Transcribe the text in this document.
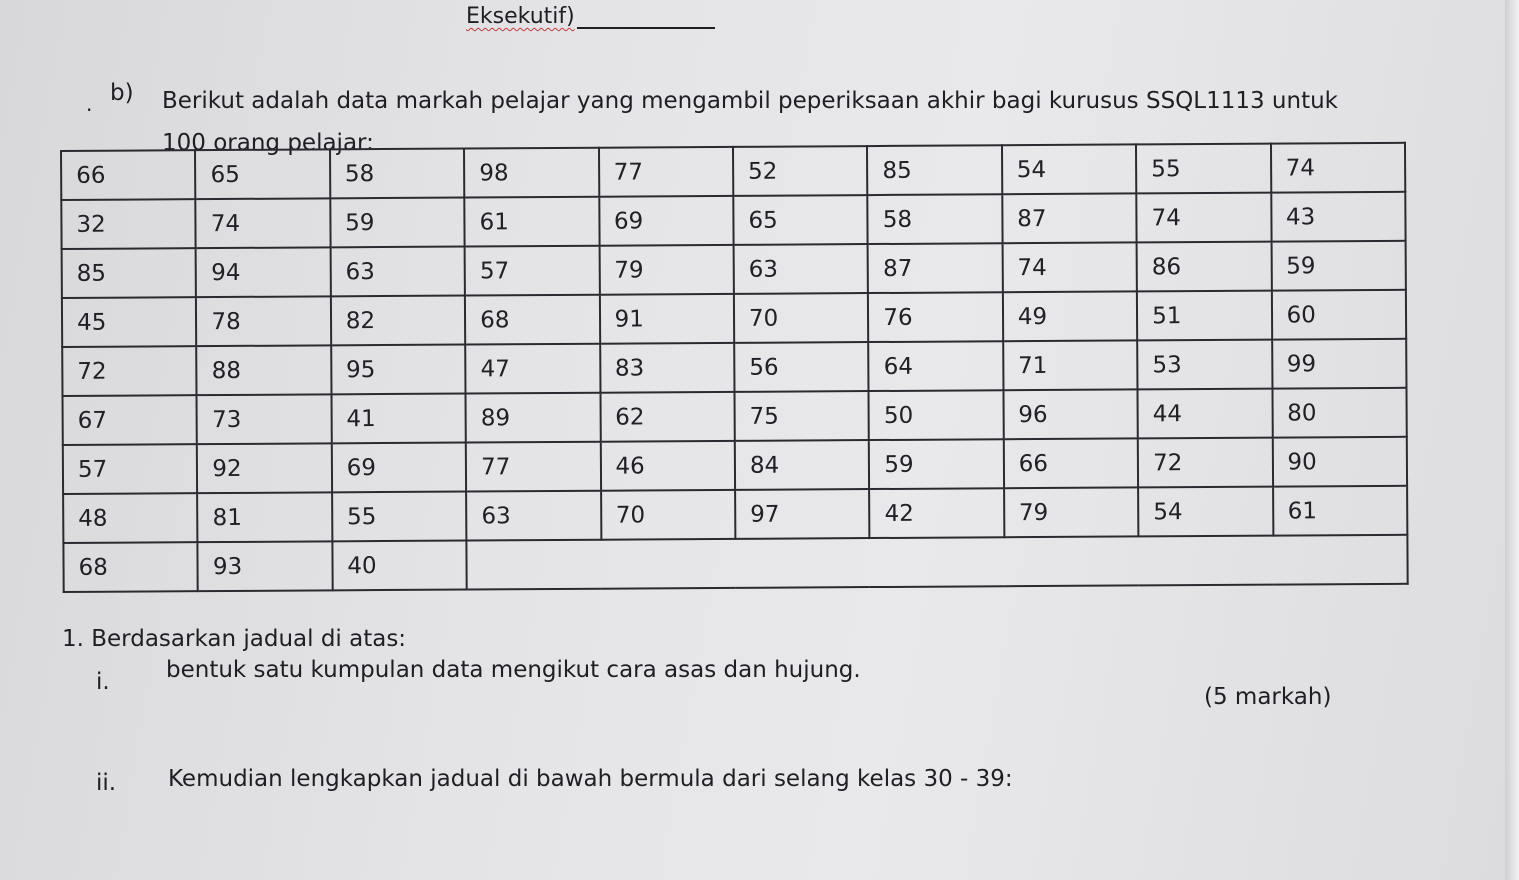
Eksekutif)
. b) Berikut adalah data markah pelajar yang mengambil peperiksaan akhir bagi kurusus SSQL1113 untuk 100 orang pelajar:
66	65	58	98	77	52	85	54	55	74
32	74	59	61	69	65	58	87	74	43
85	94	63	57	79	63	87	74	86	59
45	78	82	68	91	70	76	49	51	60
72	88	95	47	83	56	64	71	53	99
67	73	41	89	62	75	50	96	44	80
57	92	69	77	46	84	59	66	72	90
48	81	55	63	70	97	42	79	54	61
68	93	40							
1. Berdasarkan jadual di atas:
i. bentuk satu kumpulan data mengikut cara asas dan hujung.
(5 markah)
ii. Kemudian lengkapkan jadual di bawah bermula dari selang kelas 30 - 39:
